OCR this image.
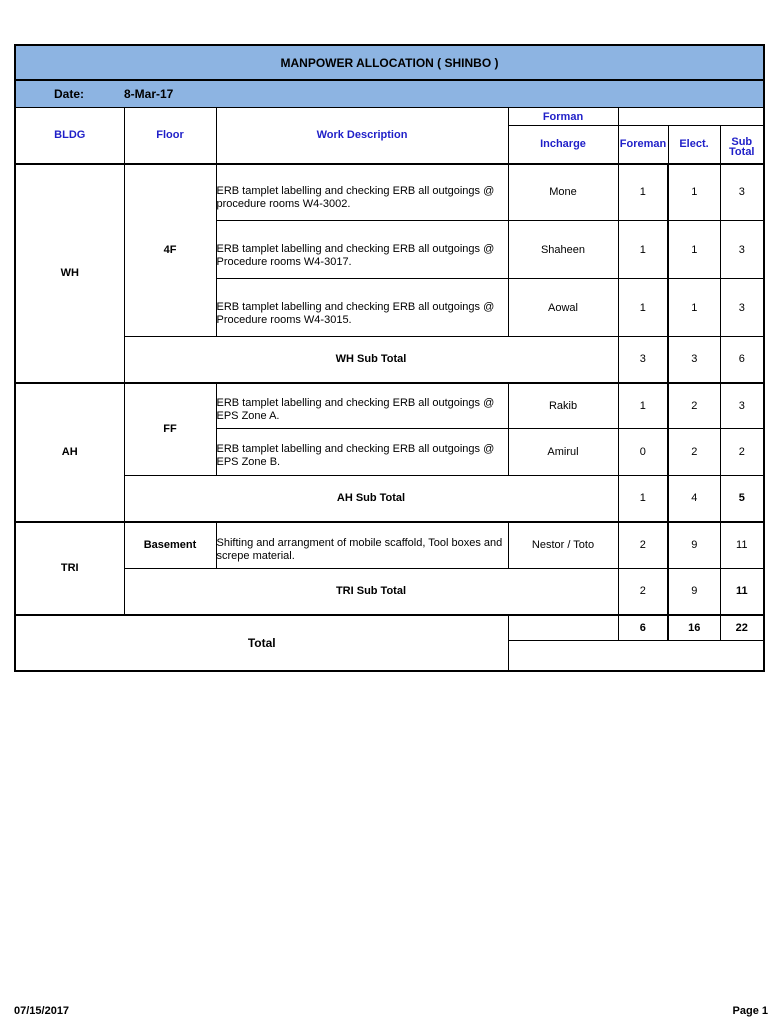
MANPOWER ALLOCATION ( SHINBO )						
Date: 8-Mar-17						
BLDG	Floor	Work Description	Forman			
			Incharge	Foreman	Elect.	Sub Total
WH	4F	ERB tamplet labelling and checking ERB all outgoings @ procedure rooms W4-3002.	Mone	1	1	3

		ERB tamplet labelling and checking ERB all outgoings @ Procedure rooms W4-3017.	Shaheen	1	1	3

		ERB tamplet labelling and checking ERB all outgoings @ Procedure rooms W4-3015.	Aowal	1	1	3
	WH Sub Total			3	3	6
AH	FF	ERB tamplet labelling and checking ERB all outgoings @ EPS Zone A.	Rakib	1	2	3

		ERB tamplet labelling and checking ERB all outgoings @ EPS Zone B.	Amirul	0	2	2
	AH Sub Total			1	4	5
TRI	Basement	Shifting and arrangment of mobile scaffold, Tool boxes and screpe material.	Nestor / Toto	2	9	11
	TRI Sub Total			2	9	11
Total				6	16	22

07/15/2017	Page 1
